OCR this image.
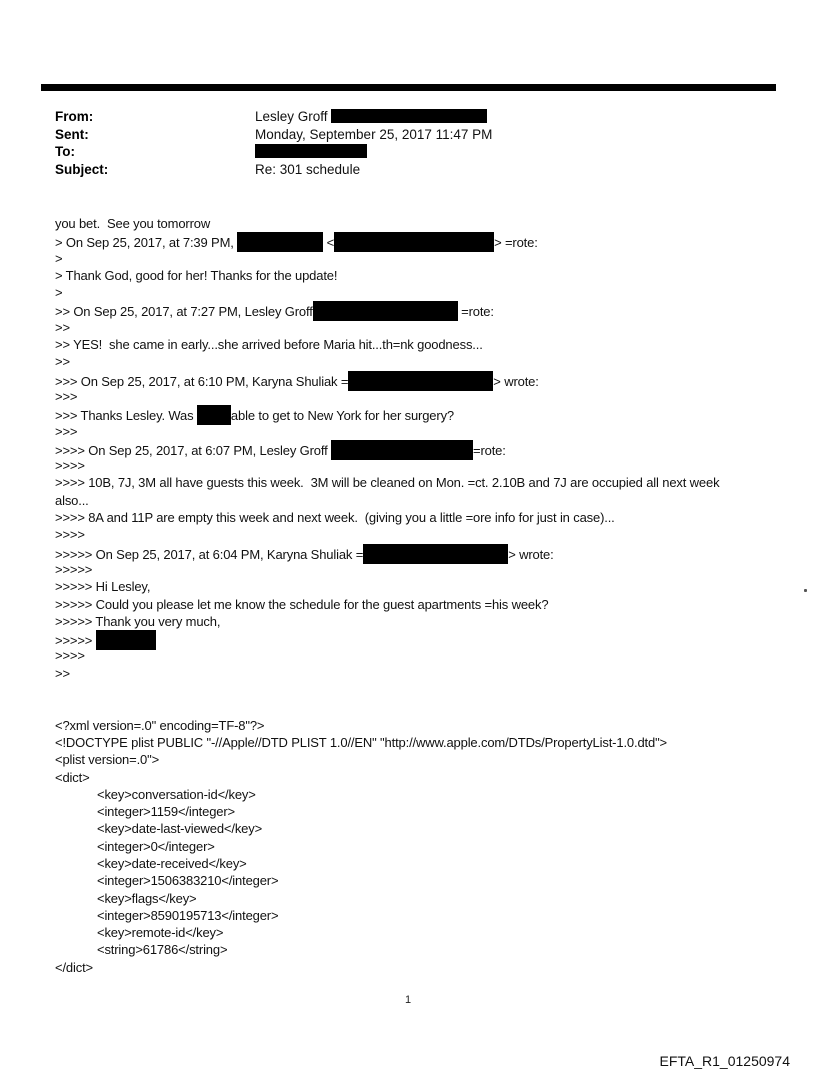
From:	Lesley Groff
Sent:	Monday, September 25, 2017 11:47 PM
To:
Subject:	Re: 301 schedule
you bet.  See you tomorrow
> On Sep 25, 2017, at 7:39 PM,	<	> =rote:
>
> Thank God, good for her! Thanks for the update!
>
>> On Sep 25, 2017, at 7:27 PM, Lesley Groff	=rote:
>>
>> YES!  she came in early...she arrived before Maria hit...th=nk goodness...
>>
>>> On Sep 25, 2017, at 6:10 PM, Karyna Shuliak =	> wrote:
>>>
>>> Thanks Lesley. Was	able to get to New York for her surgery?
>>>
>>>> On Sep 25, 2017, at 6:07 PM, Lesley Groff	=rote:
>>>>
>>>> 10B, 7J, 3M all have guests this week.  3M will be cleaned on Mon. =ct. 2.10B and 7J are occupied all next week
also...
>>>> 8A and 11P are empty this week and next week.  (giving you a little =ore info for just in case)...
>>>>
>>>>> On Sep 25, 2017, at 6:04 PM, Karyna Shuliak =	> wrote:
>>>>>
>>>>> Hi Lesley,
>>>>> Could you please let me know the schedule for the guest apartments =his week?
>>>>> Thank you very much,
>>>>>
>>>>
>>
<?xml version=.0" encoding=TF-8"?>
<!DOCTYPE plist PUBLIC "-//Apple//DTD PLIST 1.0//EN" "http://www.apple.com/DTDs/PropertyList-1.0.dtd">
<plist version=.0">
<dict>
<key>conversation-id</key>
<integer>1159</integer>
<key>date-last-viewed</key>
<integer>0</integer>
<key>date-received</key>
<integer>1506383210</integer>
<key>flags</key>
<integer>8590195713</integer>
<key>remote-id</key>
<string>61786</string>
</dict>
1
EFTA_R1_01250974
